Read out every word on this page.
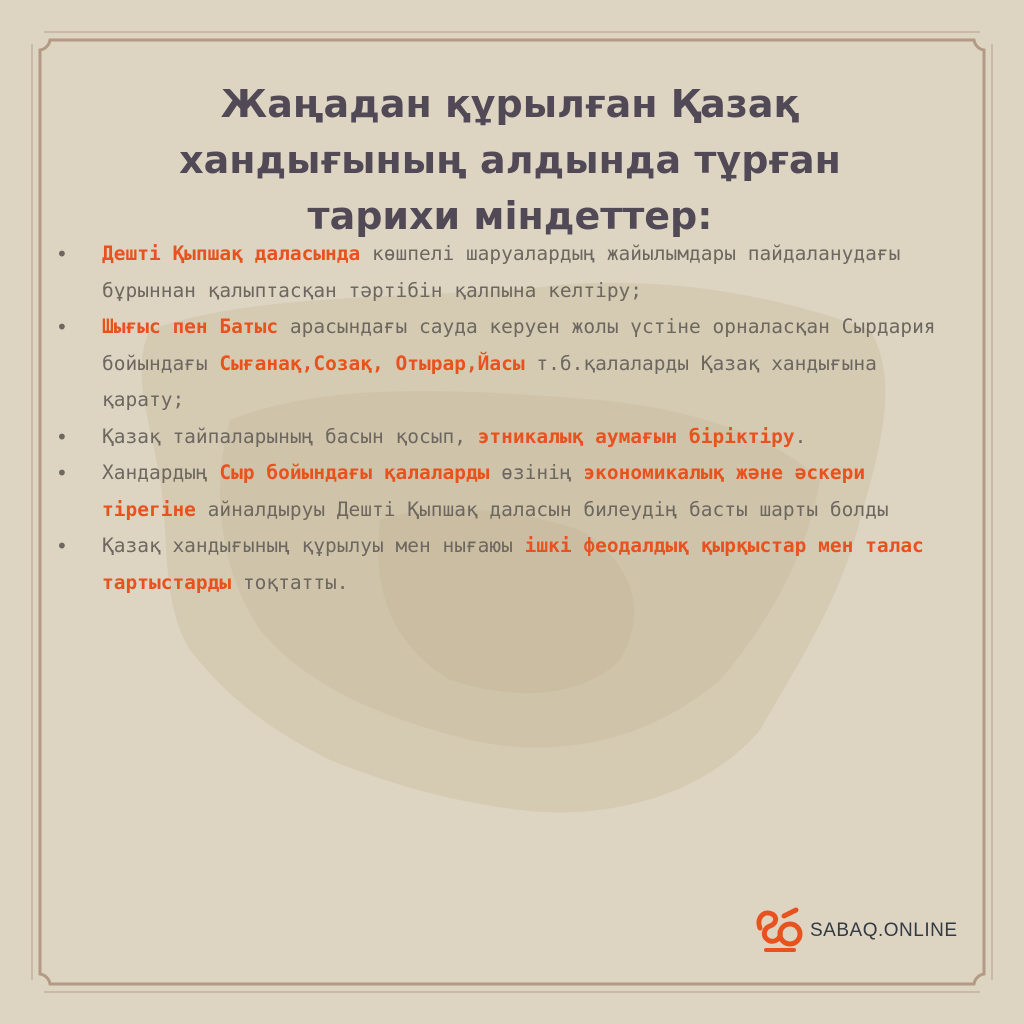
Жаңадан құрылған Қазақ
хандығының алдында тұрған
тарихи міндеттер:
• Дешті Қыпшақ даласында көшпелі шаруалардың жайылымдары пайдаланудағы бұрыннан қалыптасқан тәртібін қалпына келтіру;
• Шығыс пен Батыс арасындағы сауда керуен жолы үстіне орналасқан Сырдария бойындағы Сығанақ,Созақ, Отырар,Йасы т.б.қалаларды Қазақ хандығына қарату;
• Қазақ тайпаларының басын қосып, этникалық аумағын біріктіру.
• Хандардың Сыр бойындағы қалаларды өзінің экономикалық және әскери тірегіне айналдыруы Дешті Қыпшақ даласын билеудің басты шарты болды
• Қазақ хандығының құрылуы мен нығаюы ішкі феодалдық қырқыстар мен талас тартыстарды тоқтатты.
SABAQ.ONLINE
